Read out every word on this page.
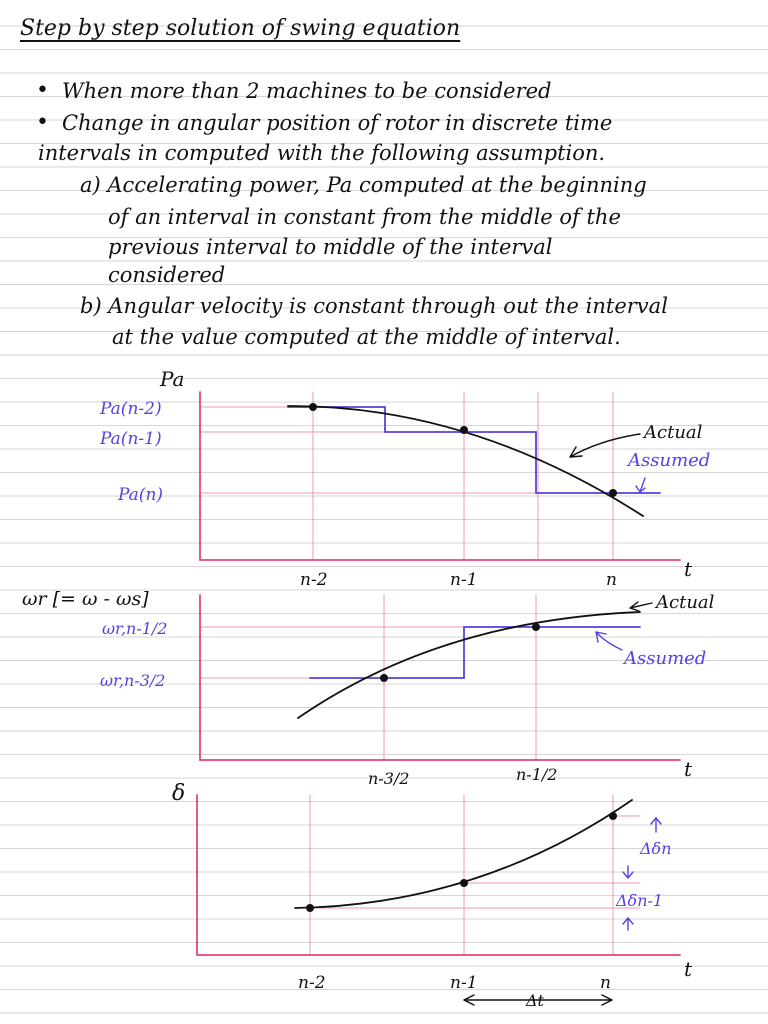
Step by step solution of swing equation
• When more than 2 machines to be considered
• Change in angular position of rotor in discrete time
intervals in computed with the following assumption.
a) Accelerating power, Pa computed at the beginning
of an interval in constant from the middle of the
previous interval to middle of the interval
considered
b) Angular velocity is constant through out the interval
at the value computed at the middle of interval.
Pa
Pa(n-2)
Pa(n-1)
Pa(n)
Actual
Assumed
t
n-2	n-1	n
ωr [= ω - ωs]
ωr,n-1/2
ωr,n-3/2
Actual
Assumed
t
n-3/2	n-1/2
δ
Δδn
Δδn-1
t
n-2	n-1	n
Δt
